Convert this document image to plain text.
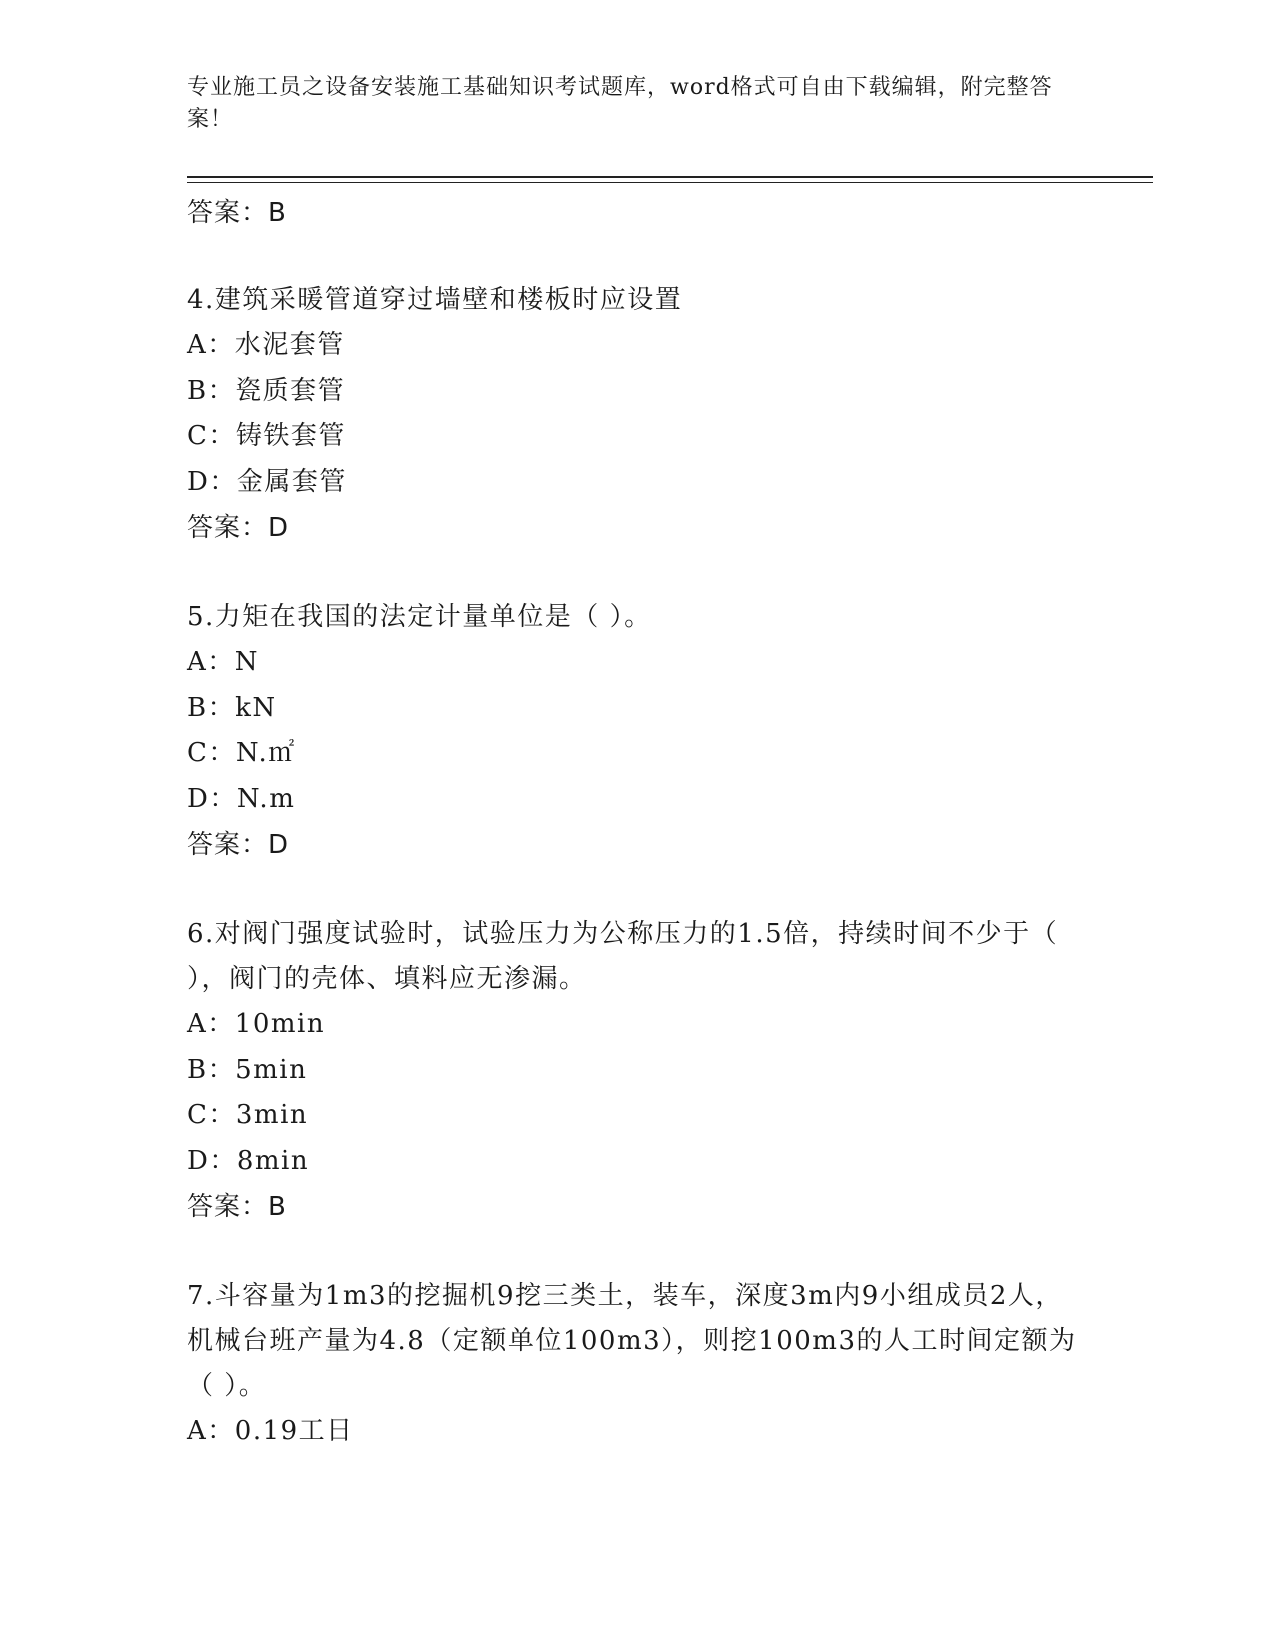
专业施工员之设备安装施工基础知识考试题库，word格式可自由下载编辑，附完整答案！
答案：B
4.建筑采暖管道穿过墙壁和楼板时应设置
A：水泥套管
B：瓷质套管
C：铸铁套管
D：金属套管
答案：D
5.力矩在我国的法定计量单位是（ ）。
A：N
B：kN
C：N.㎡
D：N.m
答案：D
6.对阀门强度试验时，试验压力为公称压力的1.5倍，持续时间不少于（ ），阀门的壳体、填料应无渗漏。
A：10min
B：5min
C：3min
D：8min
答案：B
7.斗容量为1m3的挖掘机9挖三类土，装车，深度3m内9小组成员2人，机械台班产量为4.8（定额单位100m3），则挖100m3的人工时间定额为（ ）。
A：0.19工日
